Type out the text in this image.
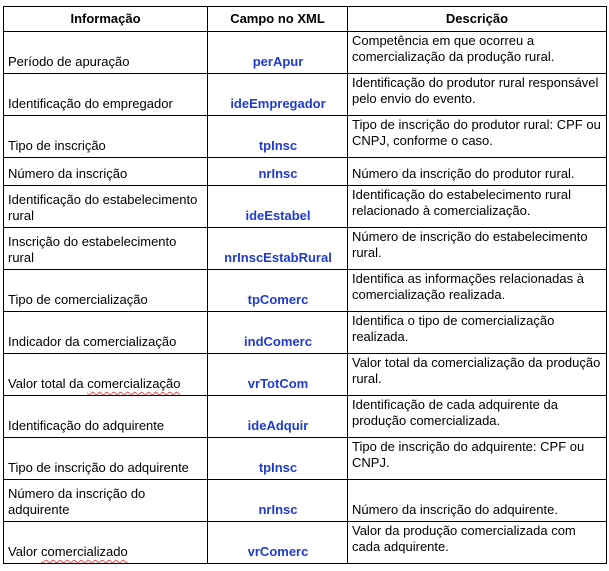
Informação	Campo no XML	Descrição
Período de apuração	perApur	Competência em que ocorreu a comercialização da produção rural.
Identificação do empregador	ideEmpregador	Identificação do produtor rural responsável pelo envio do evento.
Tipo de inscrição	tpInsc	Tipo de inscrição do produtor rural: CPF ou CNPJ, conforme o caso.
Número da inscrição	nrInsc	Número da inscrição do produtor rural.
Identificação do estabelecimento rural	ideEstabel	Identificação do estabelecimento rural relacionado à comercialização.
Inscrição do estabelecimento rural	nrInscEstabRural	Número de inscrição do estabelecimento rural.
Tipo de comercialização	tpComerc	Identifica as informações relacionadas à comercialização realizada.
Indicador da comercialização	indComerc	Identifica o tipo de comercialização realizada.
Valor total da comercialização	vrTotCom	Valor total da comercialização da produção rural.
Identificação do adquirente	ideAdquir	Identificação de cada adquirente da produção comercializada.
Tipo de inscrição do adquirente	tpInsc	Tipo de inscrição do adquirente: CPF ou CNPJ.
Número da inscrição do adquirente	nrInsc	Número da inscrição do adquirente.
Valor comercializado	vrComerc	Valor da produção comercializada com cada adquirente.
